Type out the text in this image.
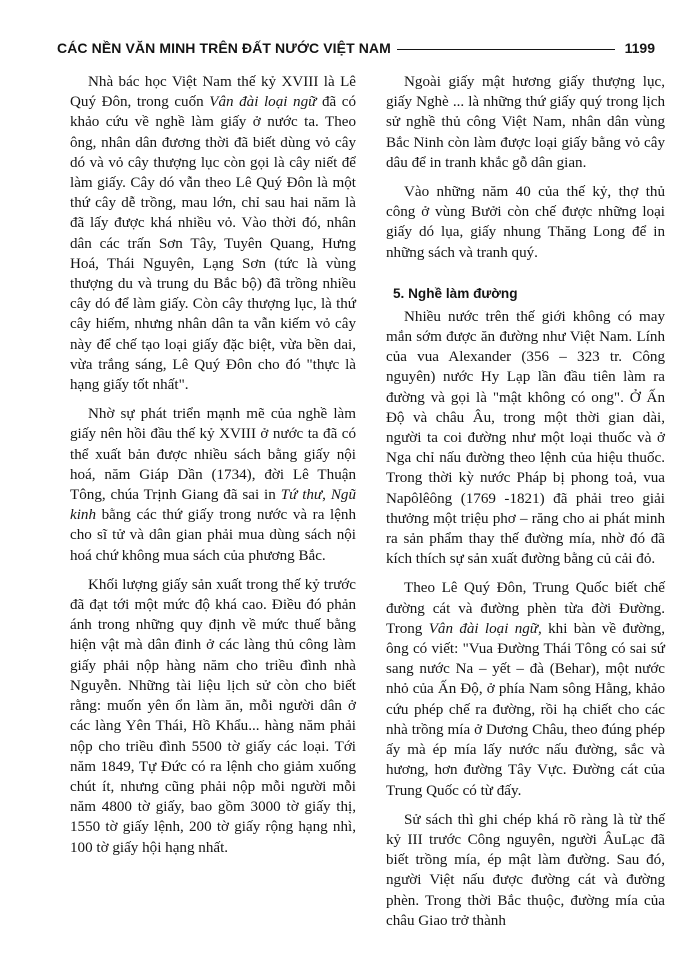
CÁC NỀN VĂN MINH TRÊN ĐẤT NƯỚC VIỆT NAM	1199

Nhà bác học Việt Nam thế kỷ XVIII là Lê Quý Đôn, trong cuốn Vân đài loại ngữ đã có khảo cứu về nghề làm giấy ở nước ta. Theo ông, nhân dân đương thời đã biết dùng vỏ cây dó và vỏ cây thượng lục còn gọi là cây niết để làm giấy. Cây dó vẫn theo Lê Quý Đôn là một thứ cây dễ trồng, mau lớn, chỉ sau hai năm là đã lấy được khá nhiều vỏ. Vào thời đó, nhân dân các trấn Sơn Tây, Tuyên Quang, Hưng Hoá, Thái Nguyên, Lạng Sơn (tức là vùng thượng du và trung du Bắc bộ) đã trồng nhiều cây dó để làm giấy. Còn cây thượng lục, là thứ cây hiếm, nhưng nhân dân ta vẫn kiếm vỏ cây này để chế tạo loại giấy đặc biệt, vừa bền dai, vừa trắng sáng, Lê Quý Đôn cho đó "thực là hạng giấy tốt nhất".

Nhờ sự phát triển mạnh mẽ của nghề làm giấy nên hồi đầu thế kỷ XVIII ở nước ta đã có thể xuất bản được nhiều sách bằng giấy nội hoá, năm Giáp Dần (1734), đời Lê Thuận Tông, chúa Trịnh Giang đã sai in Tứ thư, Ngũ kinh bằng các thứ giấy trong nước và ra lệnh cho sĩ tử và dân gian phải mua dùng sách nội hoá chứ không mua sách của phương Bắc.

Khối lượng giấy sản xuất trong thế kỷ trước đã đạt tới một mức độ khá cao. Điều đó phản ánh trong những quy định về mức thuế bằng hiện vật mà dân đinh ở các làng thủ công làm giấy phải nộp hàng năm cho triều đình nhà Nguyễn. Những tài liệu lịch sử còn cho biết rằng: muốn yên ổn làm ăn, mỗi người dân ở các làng Yên Thái, Hồ Khẩu... hàng năm phải nộp cho triều đình 5500 tờ giấy các loại. Tới năm 1849, Tự Đức có ra lệnh cho giảm xuống chút ít, nhưng cũng phải nộp mỗi người mỗi năm 4800 tờ giấy, bao gồm 3000 tờ giấy thị, 1550 tờ giấy lệnh, 200 tờ giấy rộng hạng nhì, 100 tờ giấy hội hạng nhất.

Ngoài giấy mật hương giấy thượng lục, giấy Nghè ... là những thứ giấy quý trong lịch sử nghề thủ công Việt Nam, nhân dân vùng Bắc Ninh còn làm được loại giấy bằng vỏ cây dâu để in tranh khắc gỗ dân gian.

Vào những năm 40 của thế kỷ, thợ thủ công ở vùng Bưởi còn chế được những loại giấy dó lụa, giấy nhung Thăng Long để in những sách và tranh quý.

5. Nghề làm đường

Nhiều nước trên thế giới không có may mắn sớm được ăn đường như Việt Nam. Lính của vua Alexander (356 – 323 tr. Công nguyên) nước Hy Lạp lần đầu tiên làm ra đường và gọi là "mật không có ong". Ở Ấn Độ và châu Âu, trong một thời gian dài, người ta coi đường như một loại thuốc và ở Nga chỉ nấu đường theo lệnh của hiệu thuốc. Trong thời kỳ nước Pháp bị phong toả, vua Napôlêông (1769 -1821) đã phải treo giải thưởng một triệu phơ – răng cho ai phát minh ra sản phẩm thay thế đường mía, nhờ đó đã kích thích sự sản xuất đường bằng củ cải đỏ.

Theo Lê Quý Đôn, Trung Quốc biết chế đường cát và đường phèn từa đời Đường. Trong Vân đài loại ngữ, khi bàn về đường, ông có viết: "Vua Đường Thái Tông có sai sứ sang nước Na – yết – đà (Behar), một nước nhỏ của Ấn Độ, ở phía Nam sông Hằng, khảo cứu phép chế ra đường, rồi hạ chiết cho các nhà trồng mía ở Dương Châu, theo đúng phép ấy mà ép mía lấy nước nấu đường, sắc và hương, hơn đường Tây Vực. Đường cát của Trung Quốc có từ đấy.

Sử sách thì ghi chép khá rõ ràng là từ thế kỷ III trước Công nguyên, người ÂuLạc đã biết trồng mía, ép mật làm đường. Sau đó, người Việt nấu được đường cát và đường phèn. Trong thời Bắc thuộc, đường mía của châu Giao trở thành
